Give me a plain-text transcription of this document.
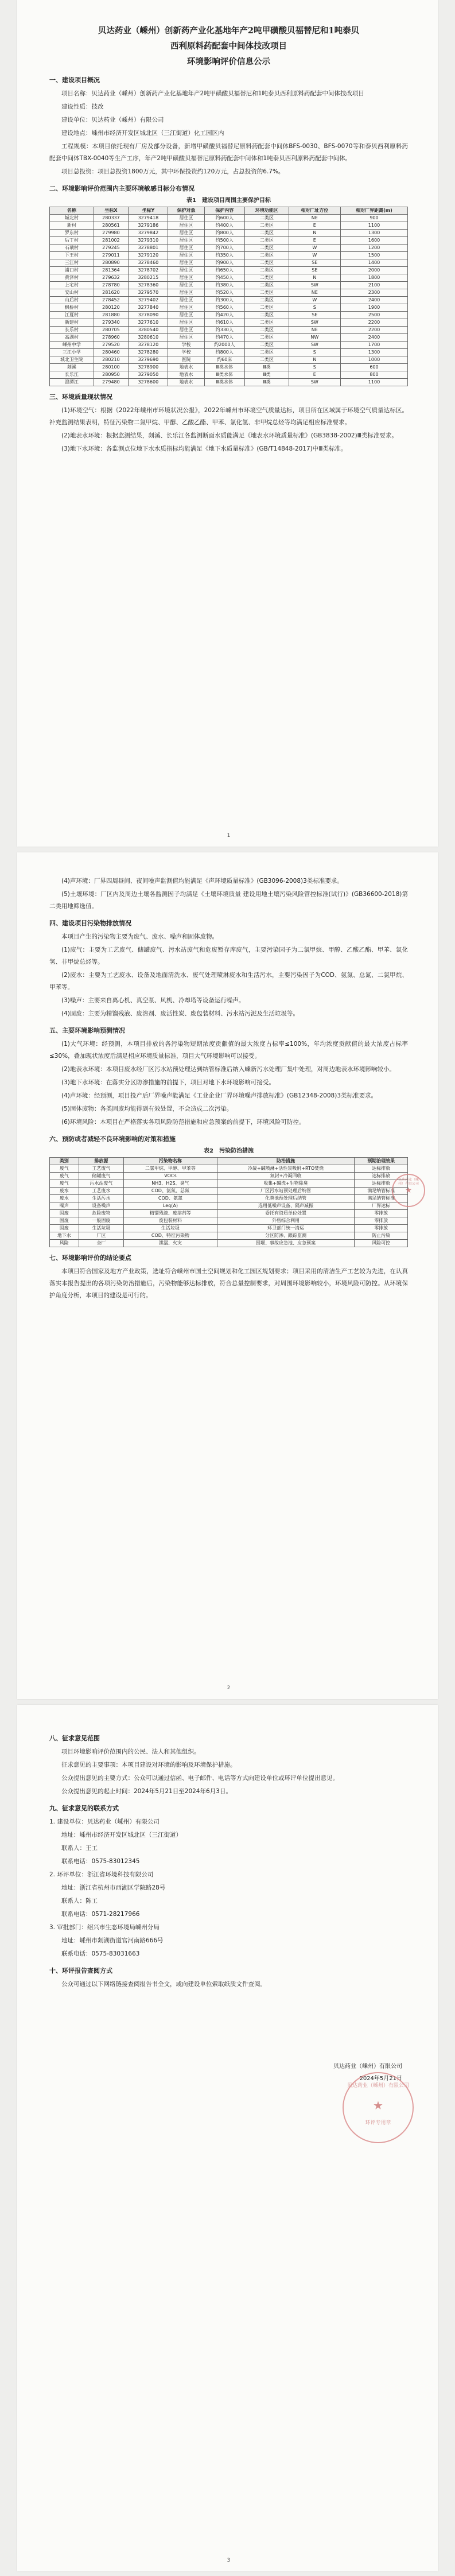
贝达药业（嵊州）创新药产业化基地年产2吨甲磺酸贝福替尼和1吨泰贝
西利原料药配套中间体技改项目
环境影响评价信息公示
一、建设项目概况

项目名称：贝达药业（嵊州）创新药产业化基地年产2吨甲磺酸贝福替尼和1吨泰贝西利原料药配套中间体技改项目

建设性质：技改

建设单位：贝达药业（嵊州）有限公司

建设地点：嵊州市经济开发区城北区（三江街道）化工园区内

工程规模：本项目依托现有厂房及部分设备，新增甲磺酸贝福替尼原料药配套中间体BFS-0030、BFS-0070等和泰贝西利原料药配套中间体TBX-0040等生产工序，年产2吨甲磺酸贝福替尼原料药配套中间体和1吨泰贝西利原料药配套中间体。

项目总投资：项目总投资1800万元，其中环保投资约120万元，占总投资的6.7%。

二、环境影响评价范围内主要环境敏感目标分布情况
表1　建设项目周围主要保护目标
名称	坐标X	坐标Y	保护对象	保护内容	环境功能区	相对厂址方位	相对厂界距离(m)
城北村	280337	3279418	居住区	约600人	二类区	NE	900
新村	280561	3279186	居住区	约400人	二类区	E	1100
罗东村	279980	3279842	居住区	约800人	二类区	N	1300
后丁村	281002	3279310	居住区	约500人	二类区	E	1600
石璜村	279245	3278801	居住区	约700人	二类区	W	1200
下王村	279011	3279120	居住区	约350人	二类区	W	1500
三江村	280890	3278460	居住区	约900人	二类区	SE	1400
浦口村	281364	3278702	居住区	约650人	二类区	SE	2000
黄泽村	279632	3280215	居住区	约450人	二类区	N	1800
上宅村	278780	3278360	居住区	约380人	二类区	SW	2100
安山村	281620	3279570	居住区	约520人	二类区	NE	2300
山后村	278452	3279402	居住区	约300人	二类区	W	2400
枫桥村	280120	3277840	居住区	约560人	二类区	S	1900
江夏村	281880	3278090	居住区	约420人	二类区	SE	2500
新建村	279340	3277610	居住区	约610人	二类区	SW	2200
长乐村	280705	3280540	居住区	约330人	二类区	NE	2200
高湖村	278960	3280610	居住区	约470人	二类区	NW	2400
嵊州中学	279520	3278120	学校	约2000人	二类区	SW	1700
三江小学	280460	3278280	学校	约800人	二类区	S	1300
城北卫生院	280210	3279690	医院	约60床	二类区	N	1000
剡溪	280100	3278900	地表水	Ⅲ类水体	Ⅲ类	S	600
长乐江	280950	3279050	地表水	Ⅲ类水体	Ⅲ类	E	800
澄潭江	279480	3278600	地表水	Ⅲ类水体	Ⅲ类	SW	1100
三、环境质量现状情况

(1)环境空气：根据《2022年嵊州市环境状况公报》，2022年嵊州市环境空气质量达标，项目所在区域属于环境空气质量达标区。补充监测结果表明，特征污染物二氯甲烷、甲醇、乙酸乙酯、甲苯、氯化氢、非甲烷总烃等均满足相应标准要求。

(2)地表水环境：根据监测结果，剡溪、长乐江各监测断面水质能满足《地表水环境质量标准》(GB3838-2002)Ⅲ类标准要求。

(3)地下水环境：各监测点位地下水水质指标均能满足《地下水质量标准》(GB/T14848-2017)中Ⅲ类标准。

1

(4)声环境：厂界四周昼间、夜间噪声监测值均能满足《声环境质量标准》(GB3096-2008)3类标准要求。

(5)土壤环境：厂区内及周边土壤各监测因子均满足《土壤环境质量 建设用地土壤污染风险管控标准(试行)》(GB36600-2018)第二类用地筛选值。

四、建设项目污染物排放情况

本项目产生的污染物主要为废气、废水、噪声和固体废物。

(1)废气：主要为工艺废气、储罐废气、污水站废气和危废暂存库废气，主要污染因子为二氯甲烷、甲醇、乙酸乙酯、甲苯、氯化氢、非甲烷总烃等。

(2)废水：主要为工艺废水、设备及地面清洗水、废气处理喷淋废水和生活污水，主要污染因子为COD、氨氮、总氮、二氯甲烷、甲苯等。

(3)噪声：主要来自离心机、真空泵、风机、冷却塔等设备运行噪声。

(4)固废：主要为精馏残液、废溶剂、废活性炭、废包装材料、污水站污泥及生活垃圾等。

五、主要环境影响预测情况

(1)大气环境：经预测，本项目排放的各污染物短期浓度贡献值的最大浓度占标率≤100%，年均浓度贡献值的最大浓度占标率≤30%，叠加现状浓度后满足相应环境质量标准，项目大气环境影响可以接受。

(2)地表水环境：本项目废水经厂区污水站预处理达到纳管标准后纳入嵊新污水处理厂集中处理，对周边地表水环境影响较小。

(3)地下水环境：在落实分区防渗措施的前提下，项目对地下水环境影响可接受。

(4)声环境：经预测，项目投产后厂界噪声能满足《工业企业厂界环境噪声排放标准》(GB12348-2008)3类标准要求。

(5)固体废物：各类固废均能得到有效处置，不会造成二次污染。

(6)环境风险：本项目在严格落实各项风险防范措施和应急预案的前提下，环境风险可防控。

六、预防或者减轻不良环境影响的对策和措施
表2　污染防治措施
类别	排放源	污染物名称	防治措施	预期治理效果
废气	工艺废气	二氯甲烷、甲醇、甲苯等	冷凝+碱喷淋+活性炭吸附+RTO焚烧	达标排放
废气	储罐废气	VOCs	氮封+冷凝回收	达标排放
废气	污水站废气	NH3、H2S、臭气	收集+碱洗+生物除臭	达标排放
废水	工艺废水	COD、氨氮、总氮	厂区污水站预处理后纳管	满足纳管标准
废水	生活污水	COD、氨氮	化粪池预处理后纳管	满足纳管标准
噪声	设备噪声	Leq(A)	选用低噪声设备、隔声减振	厂界达标
固废	危险废物	精馏残液、废溶剂等	委托有资质单位处置	零排放
固废	一般固废	废包装材料	外售综合利用	零排放
固废	生活垃圾	生活垃圾	环卫部门统一清运	零排放
地下水	厂区	COD、特征污染物	分区防渗、跟踪监测	防止污染
风险	全厂	泄漏、火灾	围堰、事故应急池、应急预案	风险可控
七、环境影响评价的结论要点

本项目符合国家及地方产业政策，选址符合嵊州市国土空间规划和化工园区规划要求；项目采用的清洁生产工艺较为先进，在认真落实本报告提出的各项污染防治措施后，污染物能够达标排放，符合总量控制要求，对周围环境影响较小，环境风险可防控。从环境保护角度分析，本项目的建设是可行的。

贝达药业（嵊州）有限公司
★
2
八、征求意见范围

项目环境影响评价范围内的公民、法人和其他组织。

征求意见的主要事项：本项目建设对环境的影响及环境保护措施。

公众提出意见的主要方式：公众可以通过信函、电子邮件、电话等方式向建设单位或环评单位提出意见。

公众提出意见的起止时间：2024年5月21日至2024年6月3日。

九、征求意见的联系方式

1. 建设单位：贝达药业（嵊州）有限公司

地址：嵊州市经济开发区城北区（三江街道）

联系人：王工

联系电话：0575-83012345

2. 环评单位：浙江省环境科技有限公司

地址：浙江省杭州市西湖区学院路28号

联系人：陈工

联系电话：0571-28217966

3. 审批部门：绍兴市生态环境局嵊州分局

地址：嵊州市剡湖街道官河南路666号

联系电话：0575-83031663

十、环评报告查阅方式

公众可通过以下网络链接查阅报告书全文，或向建设单位索取纸质文件查阅。

贝达药业（嵊州）有限公司
2024年5月21日
贝达药业（嵊州）有限公司
★
环评专用章
3
